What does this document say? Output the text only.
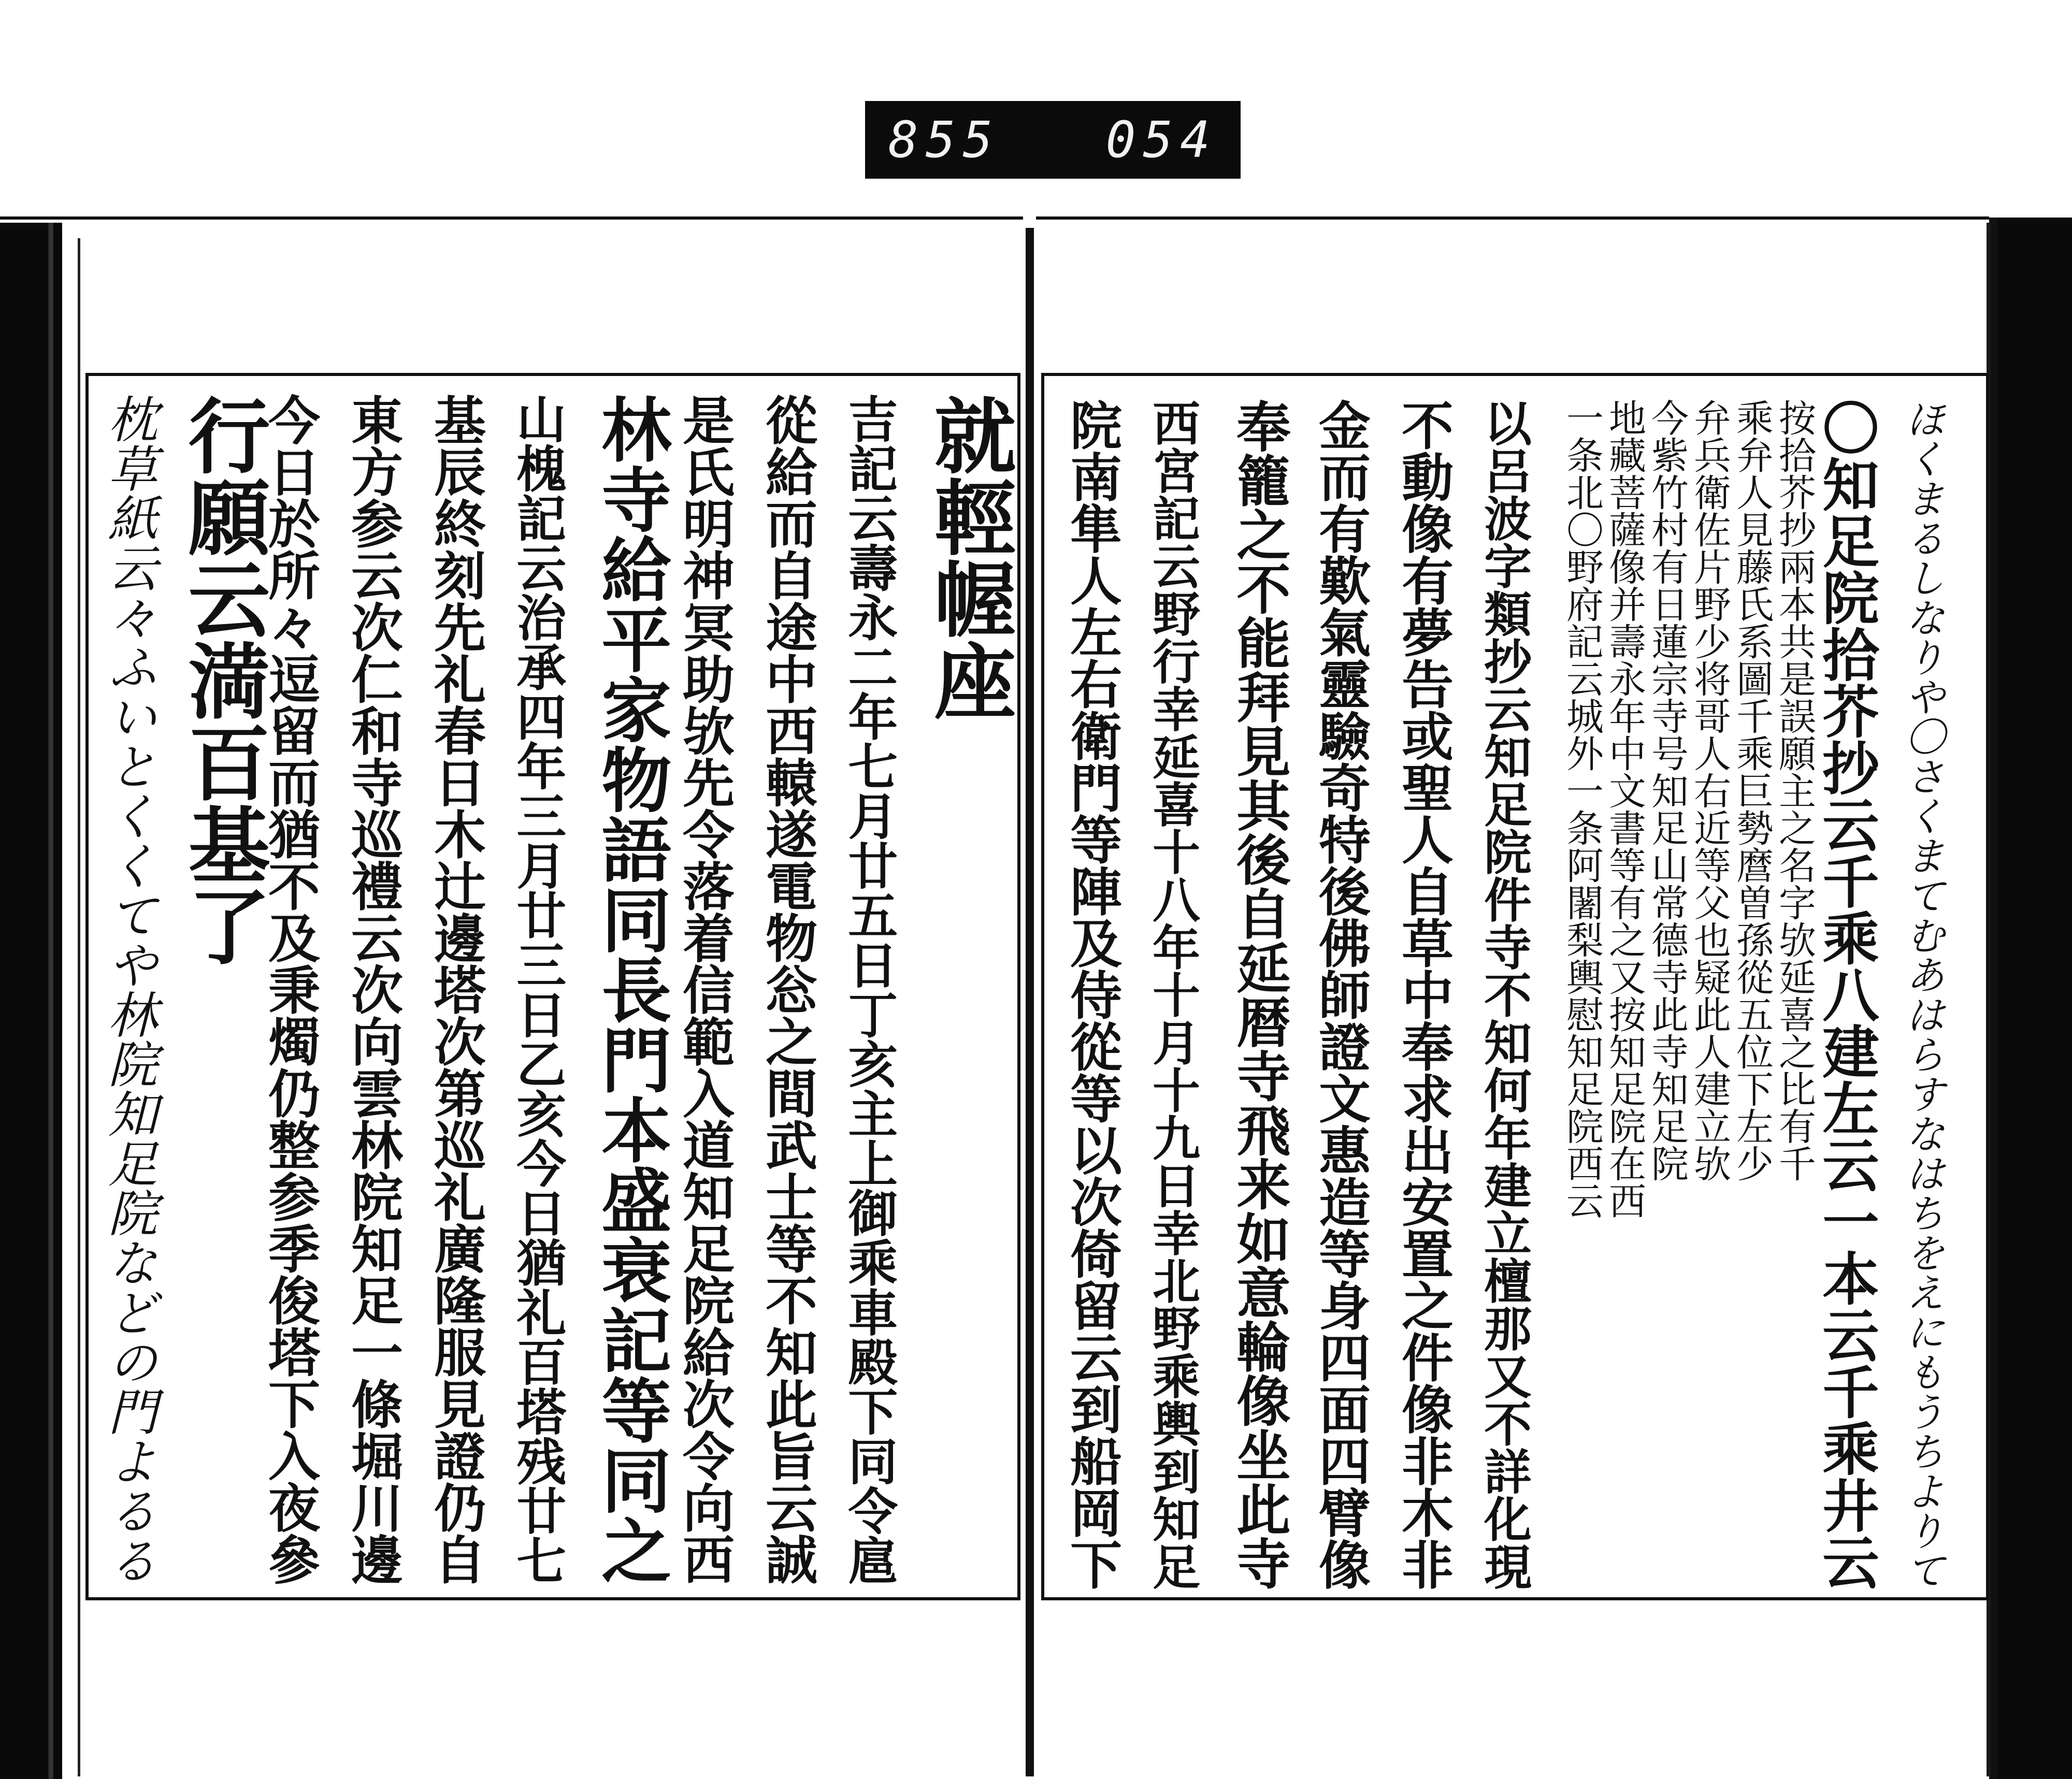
855 054
就輕幄座
吉記云壽永二年七月廿五日丁亥主上御乘車殿下同令扈
從給而自途中西轅遂電物忩之間武士等不知此旨云誠
是氏明神冥助欤先令落着信範入道知足院給次令向西
林寺給平家物語同長門本盛衰記等同之
山槐記云治承四年三月廿三日乙亥今日猶礼百塔残廿七
基辰終刻先礼春日木辻邊塔次第巡礼廣隆服見證仍自
東方参云次仁和寺巡禮云次向雲林院知足一條堀川邊
今日於所々逗留而猶不及秉燭仍整参季俊塔下入夜參
行願云満百基了
枕草紙云々ふいとくくてや林院知足院などの門よるる	ほくまるしなりや〇さくまてむあはらすなはちをえにもうちよりて
〇知足院拾芥抄云千乘八建左云一本云千乘井云
按拾芥抄兩本共是誤願主之名字欤延喜之比有千
乘弁人見藤氏系圖千乘巨勢麿曽孫從五位下左少
弁兵衛佐片野少将哥人右近等父也疑此人建立欤
今紫竹村有日蓮宗寺号知足山常德寺此寺知足院
地藏菩薩像并壽永年中文書等有之又按知足院在西
一条北〇野府記云城外一条阿闍梨輿慰知足院西云
以呂波字類抄云知足院件寺不知何年建立檀那又不詳化現
不動像有夢告或聖人自草中奉求出安置之件像非木非
金而有歎氣靈驗奇特後佛師證文惠造等身四面四臂像
奉籠之不能拜見其後自延暦寺飛来如意輪像坐此寺
西宮記云野行幸延喜十八年十月十九日幸北野乘輿到知足
院南隼人左右衛門等陣及侍從等以次倚留云到船岡下
